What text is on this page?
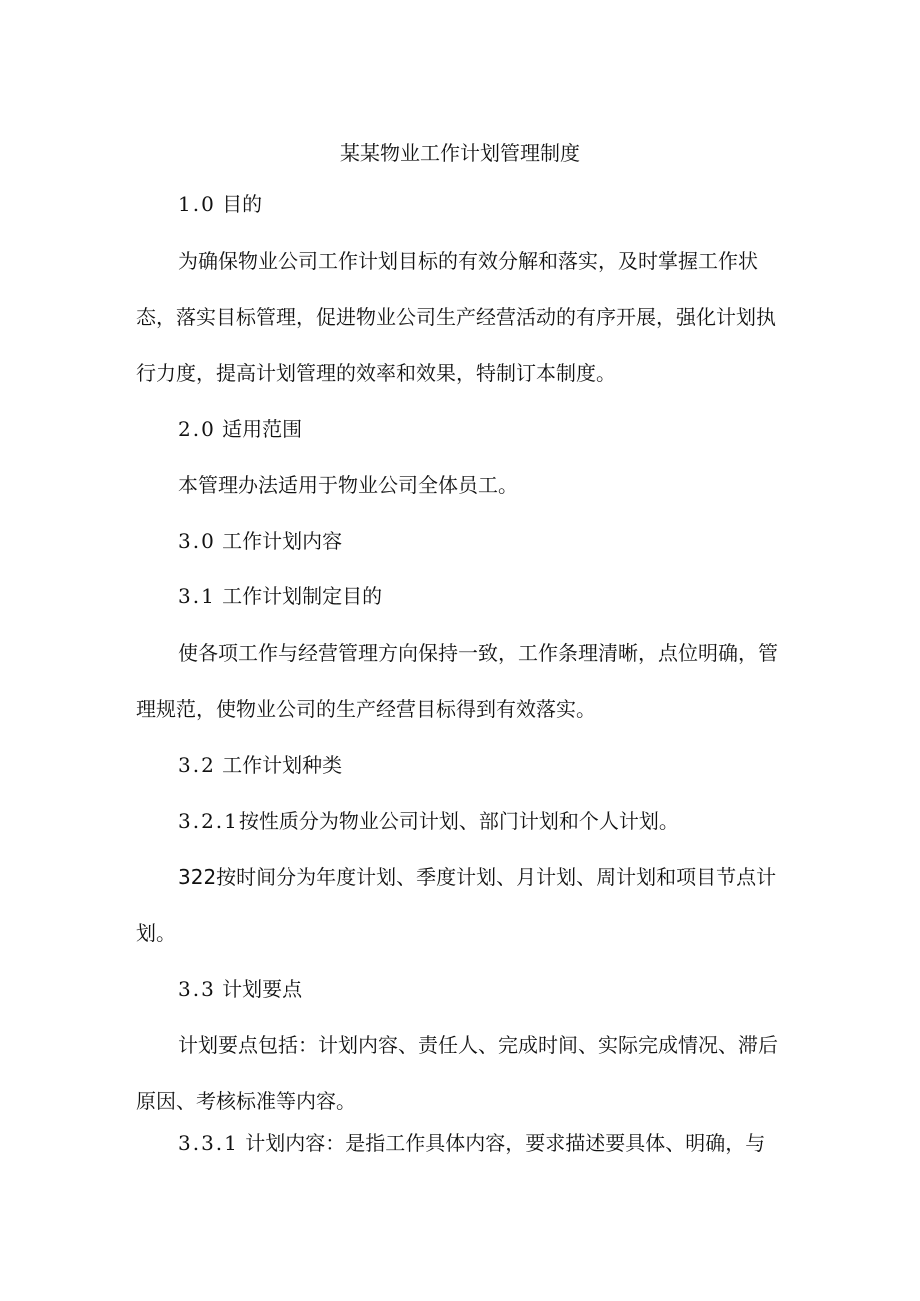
某某物业工作计划管理制度
1.0 目的
为确保物业公司工作计划目标的有效分解和落实，及时掌握工作状
态，落实目标管理，促进物业公司生产经营活动的有序开展，强化计划执
行力度，提高计划管理的效率和效果，特制订本制度。
2.0 适用范围
本管理办法适用于物业公司全体员工。
3.0 工作计划内容
3.1 工作计划制定目的
使各项工作与经营管理方向保持一致，工作条理清晰，点位明确，管
理规范，使物业公司的生产经营目标得到有效落实。
3.2 工作计划种类
3.2.1按性质分为物业公司计划、部门计划和个人计划。
322按时间分为年度计划、季度计划、月计划、周计划和项目节点计
划。
3.3 计划要点
计划要点包括：计划内容、责任人、完成时间、实际完成情况、滞后
原因、考核标准等内容。
3.3.1 计划内容：是指工作具体内容，要求描述要具体、明确，与
